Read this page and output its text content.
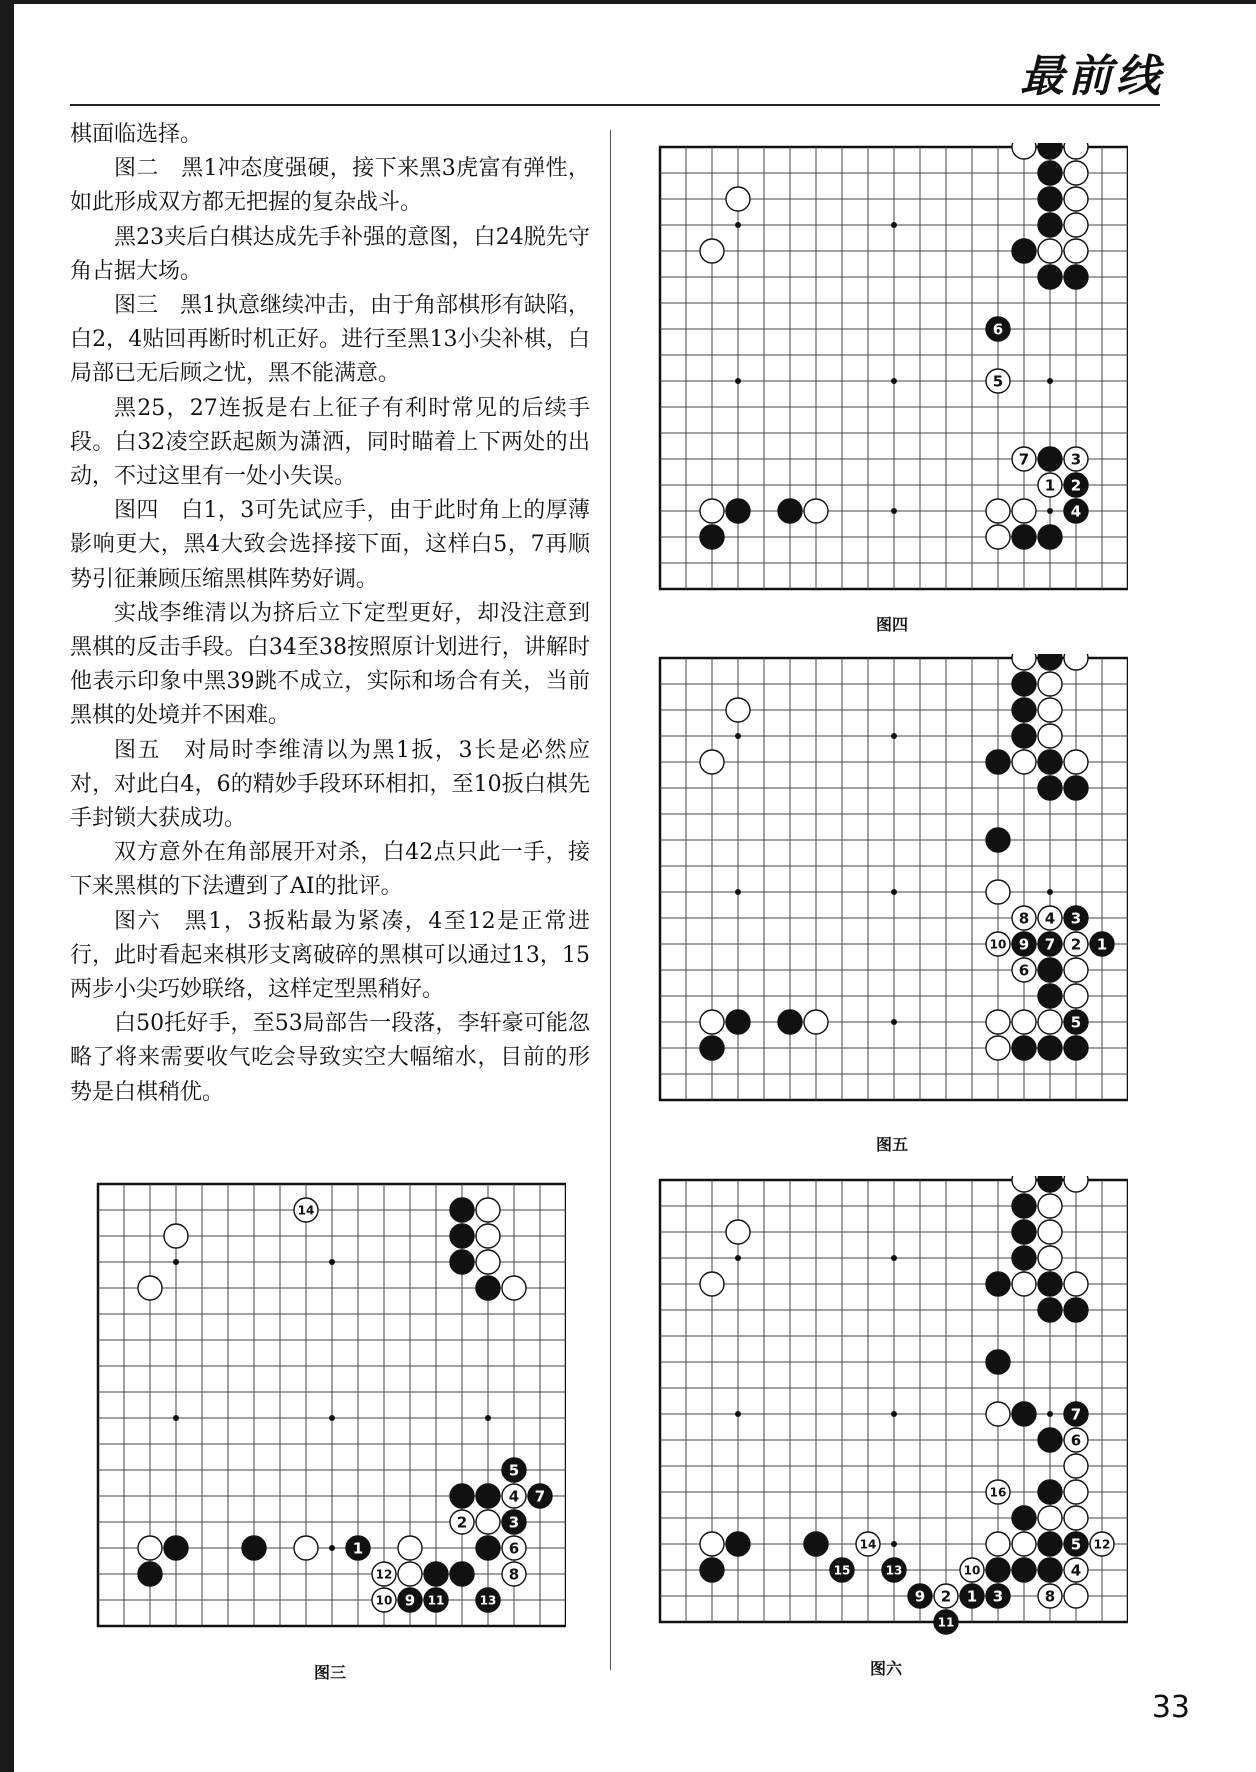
最前线

棋面临选择。

图二　黑1冲态度强硬，接下来黑3虎富有弹性，如此形成双方都无把握的复杂战斗。

黑23夹后白棋达成先手补强的意图，白24脱先守角占据大场。

图三　黑1执意继续冲击，由于角部棋形有缺陷，白2，4贴回再断时机正好。进行至黑13小尖补棋，白局部已无后顾之忧，黑不能满意。

黑25，27连扳是右上征子有利时常见的后续手段。白32凌空跃起颇为潇洒，同时瞄着上下两处的出动，不过这里有一处小失误。

图四　白1，3可先试应手，由于此时角上的厚薄影响更大，黑4大致会选择接下面，这样白5，7再顺势引征兼顾压缩黑棋阵势好调。

实战李维清以为挤后立下定型更好，却没注意到黑棋的反击手段。白34至38按照原计划进行，讲解时他表示印象中黑39跳不成立，实际和场合有关，当前黑棋的处境并不困难。

图五　对局时李维清以为黑1扳，3长是必然应对，对此白4，6的精妙手段环环相扣，至10扳白棋先手封锁大获成功。

双方意外在角部展开对杀，白42点只此一手，接下来黑棋的下法遭到了AI的批评。

图六　黑1，3扳粘最为紧凑，4至12是正常进行，此时看起来棋形支离破碎的黑棋可以通过13，15两步小尖巧妙联络，这样定型黑稍好。

白50托好手，至53局部告一段落，李轩豪可能忽略了将来需要收气吃会导致实空大幅缩水，目前的形势是白棋稍优。

6
5
7	3
1 2
4
图四
8 4 3
10 9 7 2 1
6
5
图五
14
5
4 7
2	3
6
12	8
10 9 11	13
1
图三
7
6
16
5 12
10	4
9 2 1 3	8
11
14
15	13
图六
33
